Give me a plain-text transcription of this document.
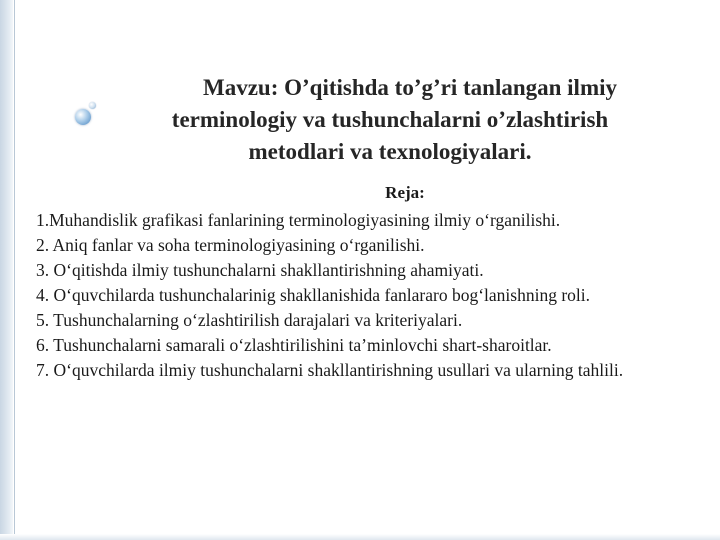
Mavzu: O’qitishda to’g’ri tanlangan ilmiy
terminologiy va tushunchalarni o’zlashtirish
metodlari va texnologiyalari.

Reja:

1.Muhandislik grafikasi fanlarining terminologiyasining ilmiy o‘rganilishi.
2. Aniq fanlar va soha terminologiyasining o‘rganilishi.
3. O‘qitishda ilmiy tushunchalarni shakllantirishning ahamiyati.
4. O‘quvchilarda tushunchalarinig shakllanishida fanlararo bog‘lanishning roli.
5. Tushunchalarning o‘zlashtirilish darajalari va kriteriyalari.
6. Tushunchalarni samarali o‘zlashtirilishini ta’minlovchi shart-sharoitlar.
7. O‘quvchilarda ilmiy tushunchalarni shakllantirishning usullari va ularning tahlili.
